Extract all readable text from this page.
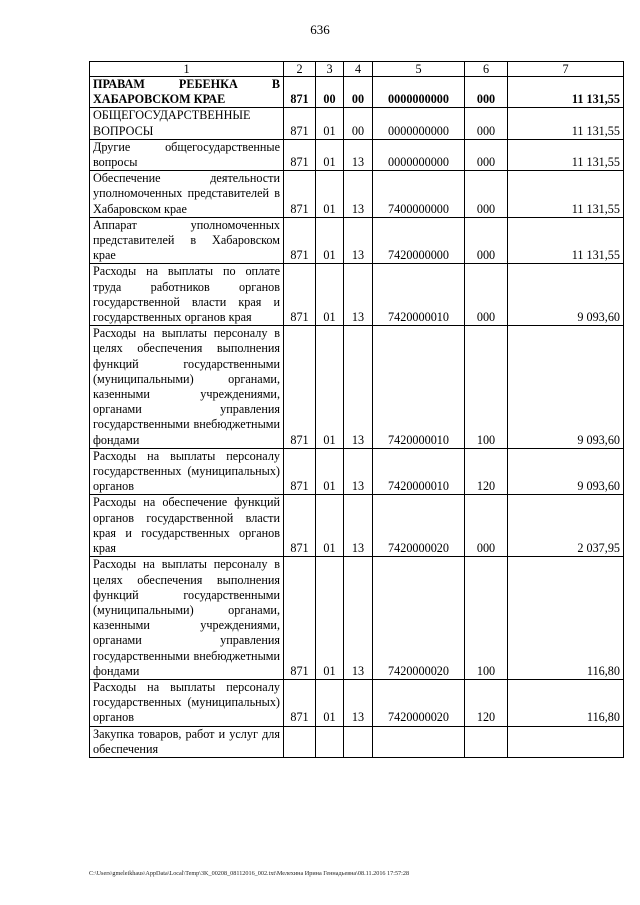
636
1	2	3	4	5	6	7
ПРАВАМ РЕБЕНКА В ХАБАРОВСКОМ КРАЕ	871	00	00	0000000000	000	11 131,55
ОБЩЕГОСУДАРСТВЕННЫЕ ВОПРОСЫ	871	01	00	0000000000	000	11 131,55
Другие общегосударственные вопросы	871	01	13	0000000000	000	11 131,55
Обеспечение деятельности уполномоченных представителей в Хабаровском крае	871	01	13	7400000000	000	11 131,55
Аппарат уполномоченных представителей в Хабаровском крае	871	01	13	7420000000	000	11 131,55
Расходы на выплаты по оплате труда работников органов государственной власти края и государственных органов края	871	01	13	7420000010	000	9 093,60
Расходы на выплаты персоналу в целях обеспечения выполнения функций государственными (муниципальными) органами, казенными учреждениями, органами управления государственными внебюджетными фондами	871	01	13	7420000010	100	9 093,60
Расходы на выплаты персоналу государственных (муниципальных) органов	871	01	13	7420000010	120	9 093,60
Расходы на обеспечение функций органов государственной власти края и государственных органов края	871	01	13	7420000020	000	2 037,95
Расходы на выплаты персоналу в целях обеспечения выполнения функций государственными (муниципальными) органами, казенными учреждениями, органами управления государственными внебюджетными фондами	871	01	13	7420000020	100	116,80
Расходы на выплаты персоналу государственных (муниципальных) органов	871	01	13	7420000020	120	116,80
Закупка товаров, работ и услуг для обеспечения						
C:\Users\gmeleikhaus\AppData\Local\Temp\3K_00208_08112016_002.txt\Мелехина Ирина Геннадьевна\08.11.2016 17:57:28
